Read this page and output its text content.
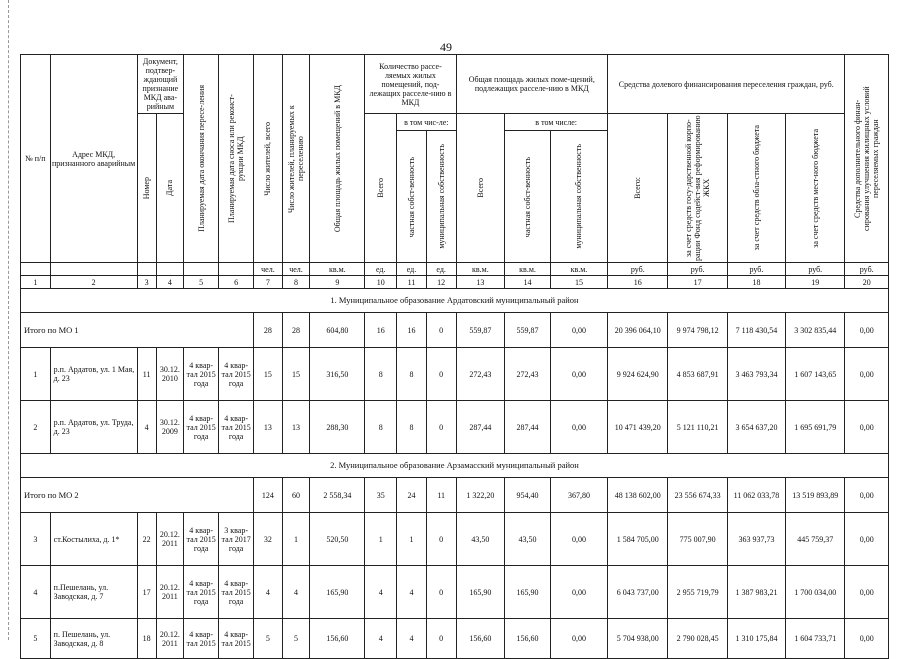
49
№ п/п	Адрес МКД, признанного аварийным	Документ, подтвер-ждающий признание МКД ава-рийным		Планируемая дата окончания пересе-ления	Планируемая дата сноса или реконст-рукции МКД	Число жителей, всего	Число жителей, планируемых к переселению	Общая площадь жилых помещений в МКД	Количество рассе-ляемых жилых помещений, под-лежащих расселе-нию в МКД			Общая площадь жилых поме-щений, подлежащих расселе-нию в МКД			Средства долевого финансирования переселения граждан, руб.				Средства дополнительного финан-сирования улучшения жилищных условий переселяемых граждан

		Номер	Дата						Всего	в том чис-ле:		Всего	в том числе:		Всего:	за счет средств госу-дарственной корпо-рации Фонд содейст-вия реформированию ЖКХ	за счет средств обла-стного бюджета	за счет средств мест-ного бюджета	

										частная собст-венность	муниципальная собственность		частная собст-венность	муниципальная собственность					

						чел.	чел.	кв.м.	ед.	ед.	ед.	кв.м.	кв.м.	кв.м.	руб.	руб.	руб.	руб.	руб.
1	2	3	4	5	6	7	8	9	10	11	12	13	14	15	16	17	18	19	20
1. Муниципальное образование Ардатовский муниципальный район																			
Итого по МО 1						28	28	604,80	16	16	0	559,87	559,87	0,00	20 396 064,10	9 974 798,12	7 118 430,54	3 302 835,44	0,00
1	р.п. Ардатов, ул. 1 Мая, д. 23	11	30.12. 2010	4 квар-тал 2015 года	4 квар-тал 2015 года	15	15	316,50	8	8	0	272,43	272,43	0,00	9 924 624,90	4 853 687,91	3 463 793,34	1 607 143,65	0,00
2	р.п. Ардатов, ул. Труда, д. 23	4	30.12. 2009	4 квар-тал 2015 года	4 квар-тал 2015 года	13	13	288,30	8	8	0	287,44	287,44	0,00	10 471 439,20	5 121 110,21	3 654 637,20	1 695 691,79	0,00
2. Муниципальное образование Арзамасский муниципальный район																			
Итого по МО 2						124	60	2 558,34	35	24	11	1 322,20	954,40	367,80	48 138 602,00	23 556 674,33	11 062 033,78	13 519 893,89	0,00
3	ст.Костылиха, д. 1*	22	20.12. 2011	4 квар-тал 2015 года	3 квар-тал 2017 года	32	1	520,50	1	1	0	43,50	43,50	0,00	1 584 705,00	775 007,90	363 937,73	445 759,37	0,00
4	п.Пешелань, ул. Заводская, д. 7	17	20.12. 2011	4 квар-тал 2015 года	4 квар-тал 2015 года	4	4	165,90	4	4	0	165,90	165,90	0,00	6 043 737,00	2 955 719,79	1 387 983,21	1 700 034,00	0,00
5	п. Пешелань, ул. Заводская, д. 8	18	20.12. 2011	4 квар-тал 2015	4 квар-тал 2015	5	5	156,60	4	4	0	156,60	156,60	0,00	5 704 938,00	2 790 028,45	1 310 175,84	1 604 733,71	0,00
